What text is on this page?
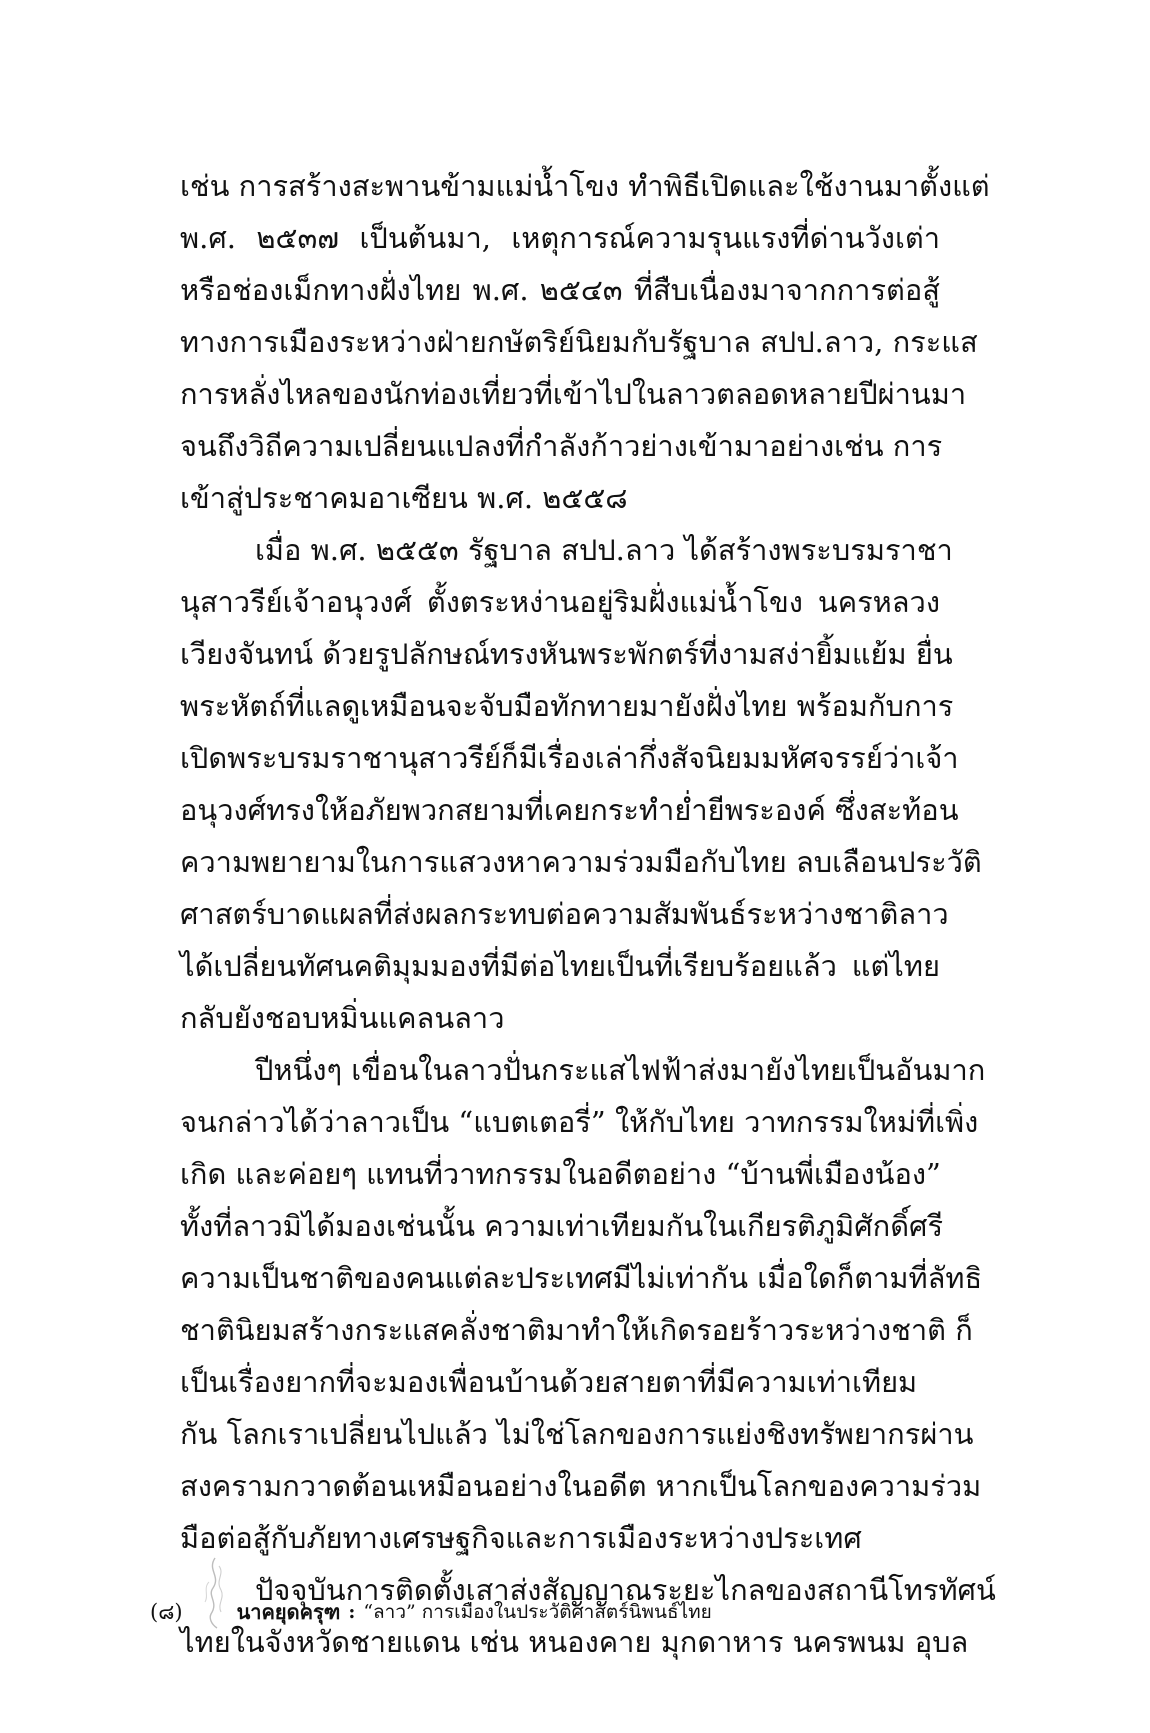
เช่น การสร้างสะพานข้ามแม่น้ำโขง ทำพิธีเปิดและใช้งานมาตั้งแต่
พ.ศ. ๒๕๓๗ เป็นต้นมา, เหตุการณ์ความรุนแรงที่ด่านวังเต่า
หรือช่องเม็กทางฝั่งไทย พ.ศ. ๒๕๔๓ ที่สืบเนื่องมาจากการต่อสู้
ทางการเมืองระหว่างฝ่ายกษัตริย์นิยมกับรัฐบาล สปป.ลาว, กระแส
การหลั่งไหลของนักท่องเที่ยวที่เข้าไปในลาวตลอดหลายปีผ่านมา
จนถึงวิถีความเปลี่ยนแปลงที่กำลังก้าวย่างเข้ามาอย่างเช่น การ
เข้าสู่ประชาคมอาเซียน พ.ศ. ๒๕๕๘
เมื่อ พ.ศ. ๒๕๕๓ รัฐบาล สปป.ลาว ได้สร้างพระบรมราชา
นุสาวรีย์เจ้าอนุวงศ์ ตั้งตระหง่านอยู่ริมฝั่งแม่น้ำโขง นครหลวง
เวียงจันทน์ ด้วยรูปลักษณ์ทรงหันพระพักตร์ที่งามสง่ายิ้มแย้ม ยื่น
พระหัตถ์ที่แลดูเหมือนจะจับมือทักทายมายังฝั่งไทย พร้อมกับการ
เปิดพระบรมราชานุสาวรีย์ก็มีเรื่องเล่ากึ่งสัจนิยมมหัศจรรย์ว่าเจ้า
อนุวงศ์ทรงให้อภัยพวกสยามที่เคยกระทำย่ำยีพระองค์ ซึ่งสะท้อน
ความพยายามในการแสวงหาความร่วมมือกับไทย ลบเลือนประวัติ
ศาสตร์บาดแผลที่ส่งผลกระทบต่อความสัมพันธ์ระหว่างชาติลาว
ได้เปลี่ยนทัศนคติมุมมองที่มีต่อไทยเป็นที่เรียบร้อยแล้ว แต่ไทย
กลับยังชอบหมิ่นแคลนลาว
ปีหนึ่งๆ เขื่อนในลาวปั่นกระแสไฟฟ้าส่งมายังไทยเป็นอันมาก
จนกล่าวได้ว่าลาวเป็น “แบตเตอรี่” ให้กับไทย วาทกรรมใหม่ที่เพิ่ง
เกิด และค่อยๆ แทนที่วาทกรรมในอดีตอย่าง “บ้านพี่เมืองน้อง”
ทั้งที่ลาวมิได้มองเช่นนั้น ความเท่าเทียมกันในเกียรติภูมิศักดิ์ศรี
ความเป็นชาติของคนแต่ละประเทศมีไม่เท่ากัน เมื่อใดก็ตามที่ลัทธิ
ชาตินิยมสร้างกระแสคลั่งชาติมาทำให้เกิดรอยร้าวระหว่างชาติ ก็
เป็นเรื่องยากที่จะมองเพื่อนบ้านด้วยสายตาที่มีความเท่าเทียม
กัน โลกเราเปลี่ยนไปแล้ว ไม่ใช่โลกของการแย่งชิงทรัพยากรผ่าน
สงครามกวาดต้อนเหมือนอย่างในอดีต หากเป็นโลกของความร่วม
มือต่อสู้กับภัยทางเศรษฐกิจและการเมืองระหว่างประเทศ
ปัจจุบันการติดตั้งเสาส่งสัญญาณระยะไกลของสถานีโทรทัศน์
ไทยในจังหวัดชายแดน เช่น หนองคาย มุกดาหาร นครพนม อุบล
(๘)	นาคยุดครุฑ : “ลาว” การเมืองในประวัติศาสตร์นิพนธ์ไทย
